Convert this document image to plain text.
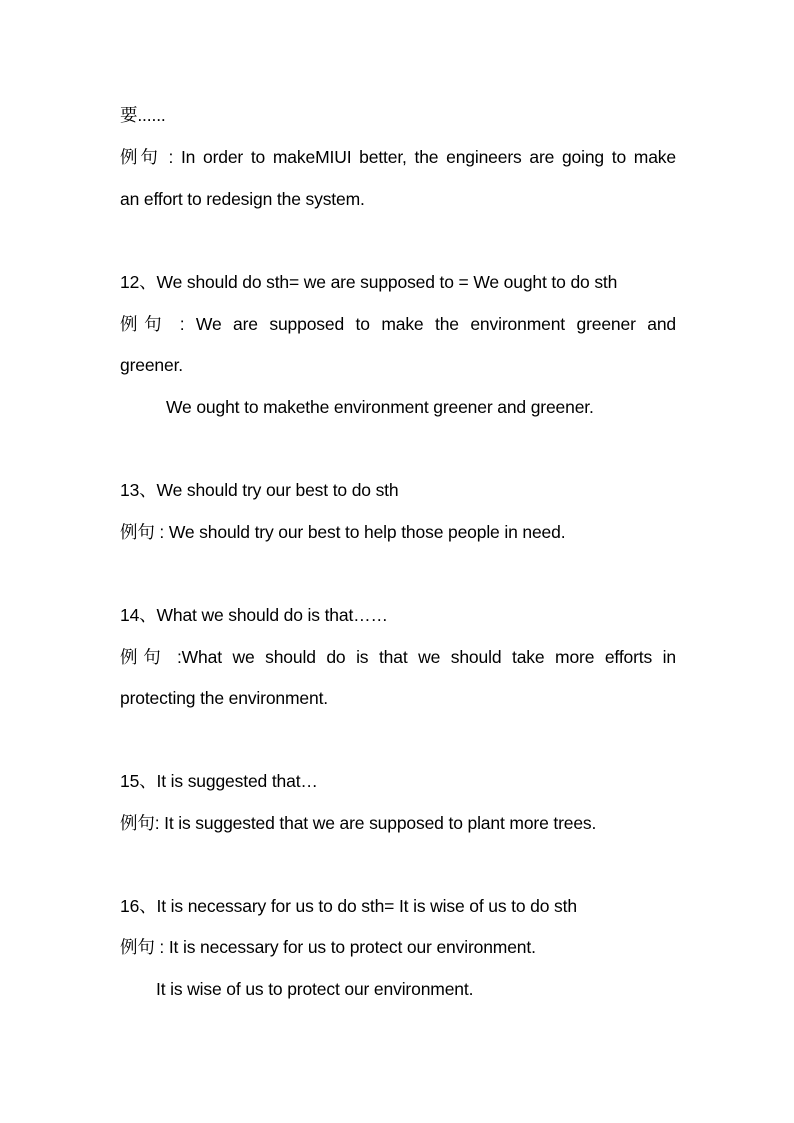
要......
例句 : In order to makeMIUI better, the engineers are going to make
an effort to redesign the system.
12、We should do sth= we are supposed to = We ought to do sth
例句 : We are supposed to make the environment greener and
greener.
We ought to makethe environment greener and greener.
13、We should try our best to do sth
例句 : We should try our best to help those people in need.
14、What we should do is that……
例句 :What we should do is that we should take more efforts in
protecting the environment.
15、It is suggested that…
例句: It is suggested that we are supposed to plant more trees.
16、It is necessary for us to do sth= It is wise of us to do sth
例句 : It is necessary for us to protect our environment.
It is wise of us to protect our environment.
